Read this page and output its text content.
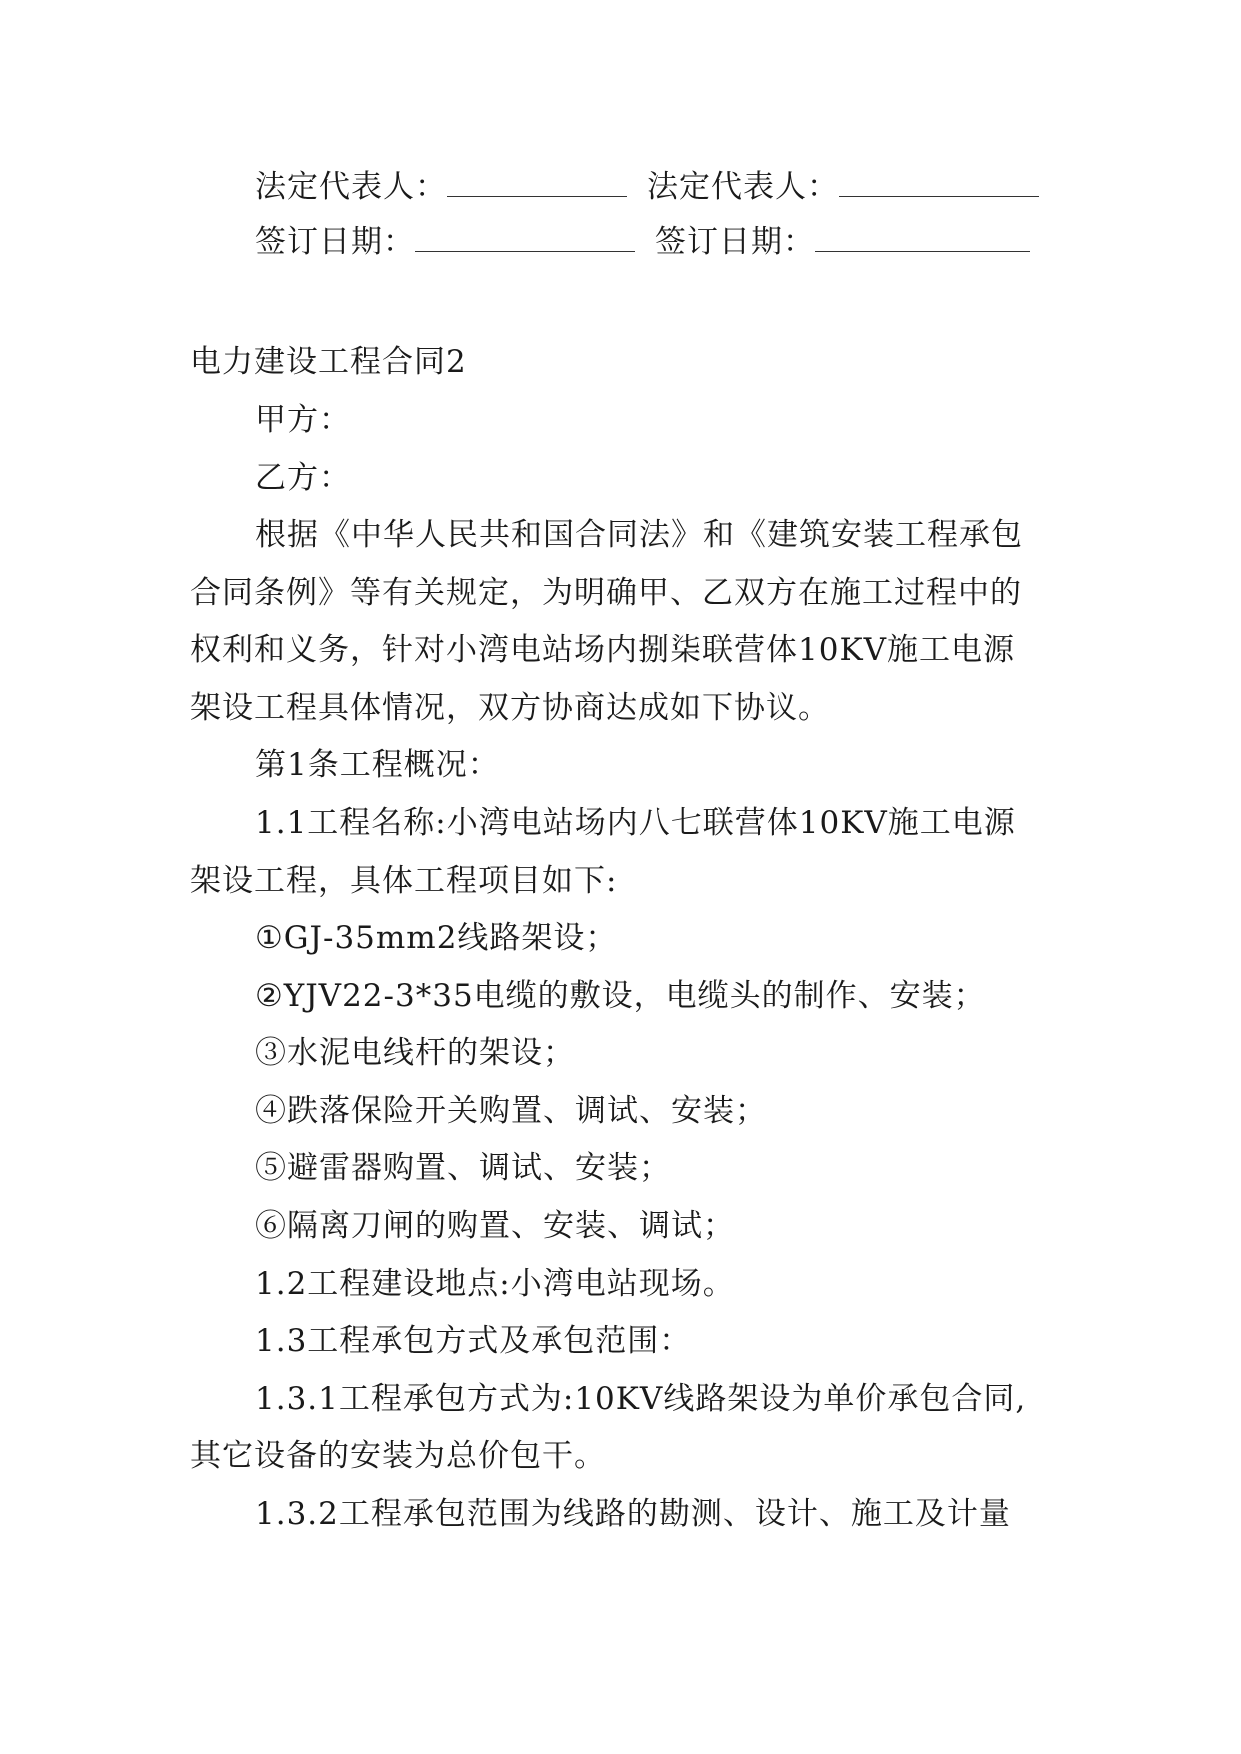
法定代表人：	法定代表人：
签订日期：	签订日期：
电力建设工程合同2
甲方：
乙方：
根据《中华人民共和国合同法》和《建筑安装工程承包
合同条例》等有关规定，为明确甲、乙双方在施工过程中的
权利和义务，针对小湾电站场内捌柒联营体10KV施工电源
架设工程具体情况，双方协商达成如下协议。
第1条工程概况：
1.1工程名称:小湾电站场内八七联营体10KV施工电源
架设工程，具体工程项目如下:
①GJ-35mm2线路架设；
②YJV22-3*35电缆的敷设，电缆头的制作、安装；
③水泥电线杆的架设；
④跌落保险开关购置、调试、安装；
⑤避雷器购置、调试、安装；
⑥隔离刀闸的购置、安装、调试；
1.2工程建设地点:小湾电站现场。
1.3工程承包方式及承包范围：
1.3.1工程承包方式为:10KV线路架设为单价承包合同,
其它设备的安装为总价包干。
1.3.2工程承包范围为线路的勘测、设计、施工及计量
